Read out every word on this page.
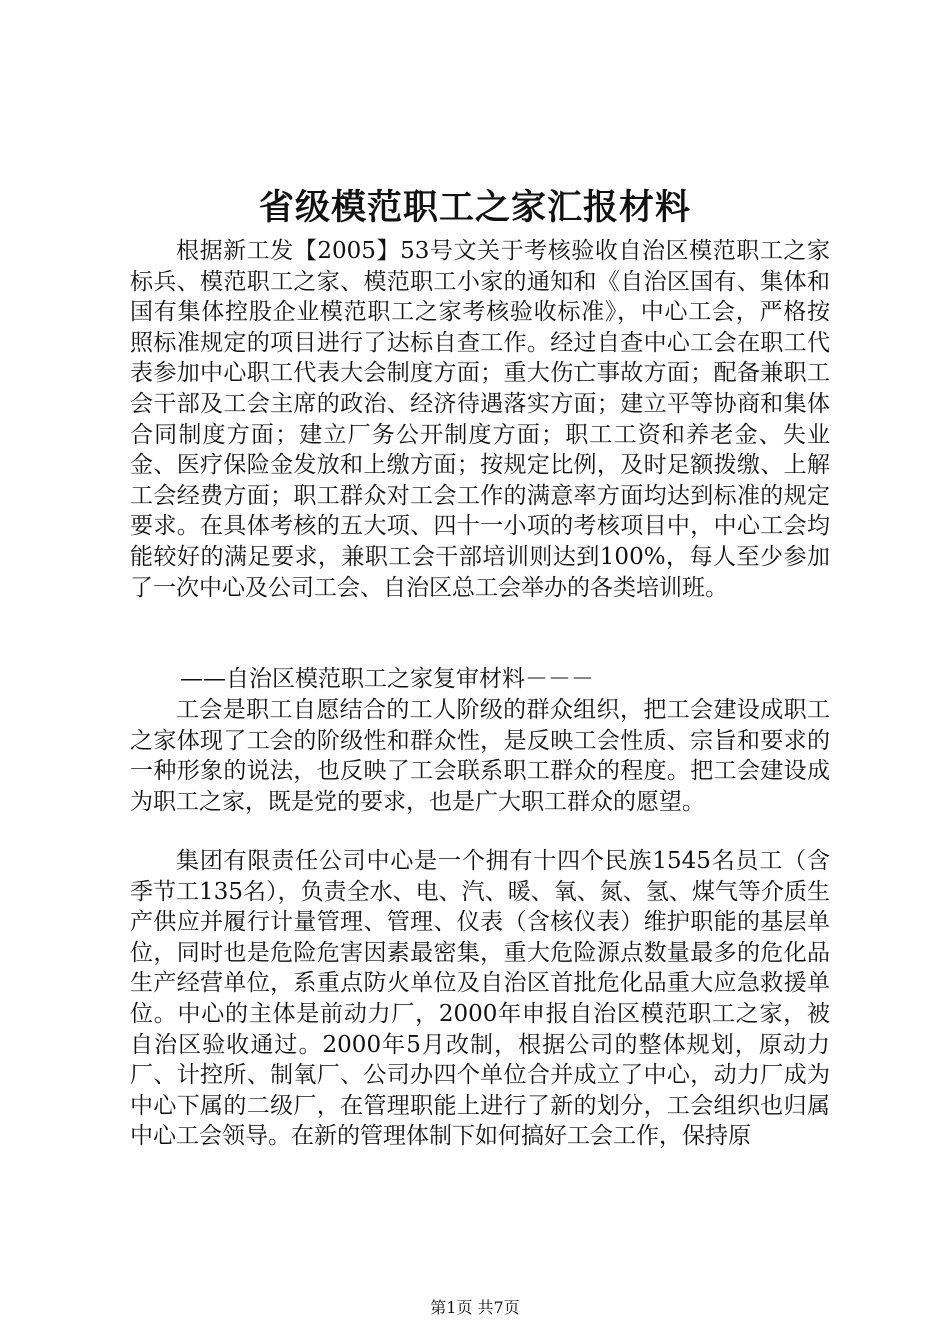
省级模范职工之家汇报材料

根据新工发【2005】53号文关于考核验收自治区模范职工之家标兵、模范职工之家、模范职工小家的通知和《自治区国有、集体和国有集体控股企业模范职工之家考核验收标准》，中心工会，严格按照标准规定的项目进行了达标自查工作。经过自查中心工会在职工代表参加中心职工代表大会制度方面；重大伤亡事故方面；配备兼职工会干部及工会主席的政治、经济待遇落实方面；建立平等协商和集体合同制度方面；建立厂务公开制度方面；职工工资和养老金、失业金、医疗保险金发放和上缴方面；按规定比例，及时足额拨缴、上解工会经费方面；职工群众对工会工作的满意率方面均达到标准的规定要求。在具体考核的五大项、四十一小项的考核项目中，中心工会均能较好的满足要求，兼职工会干部培训则达到100%，每人至少参加了一次中心及公司工会、自治区总工会举办的各类培训班。

——自治区模范职工之家复审材料－－－

工会是职工自愿结合的工人阶级的群众组织，把工会建设成职工之家体现了工会的阶级性和群众性，是反映工会性质、宗旨和要求的一种形象的说法，也反映了工会联系职工群众的程度。把工会建设成为职工之家，既是党的要求，也是广大职工群众的愿望。

集团有限责任公司中心是一个拥有十四个民族1545名员工（含季节工135名），负责全水、电、汽、暖、氧、氮、氢、煤气等介质生产供应并履行计量管理、管理、仪表（含核仪表）维护职能的基层单位，同时也是危险危害因素最密集，重大危险源点数量最多的危化品生产经营单位，系重点防火单位及自治区首批危化品重大应急救援单位。中心的主体是前动力厂，2000年申报自治区模范职工之家，被自治区验收通过。2000年5月改制，根据公司的整体规划，原动力厂、计控所、制氧厂、公司办四个单位合并成立了中心，动力厂成为中心下属的二级厂，在管理职能上进行了新的划分，工会组织也归属中心工会领导。在新的管理体制下如何搞好工会工作，保持原

第1页 共7页
